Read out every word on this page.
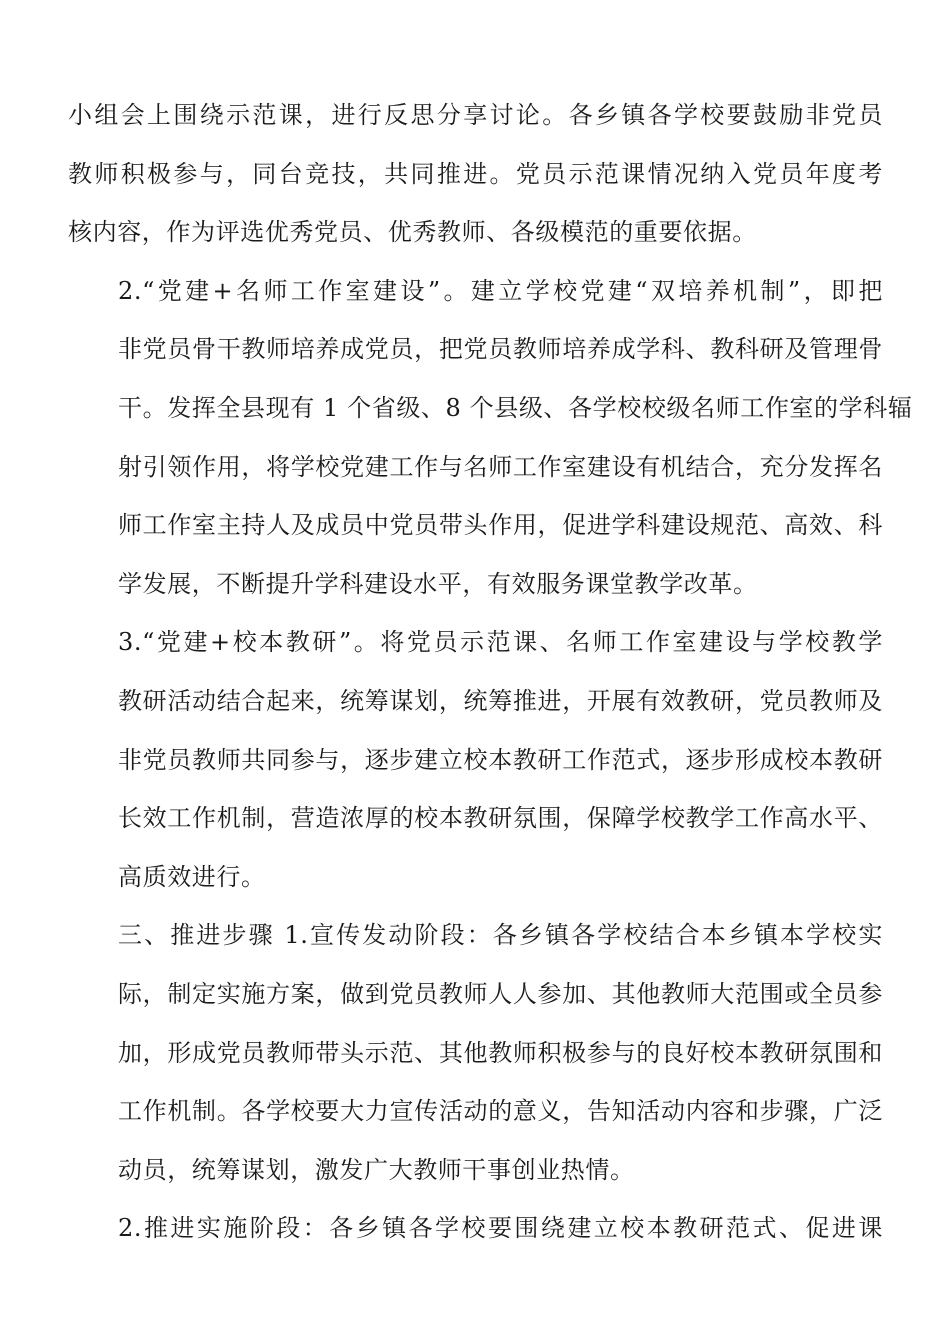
小组会上围绕示范课，进行反思分享讨论。各乡镇各学校要鼓励非党员
教师积极参与，同台竞技，共同推进。党员示范课情况纳入党员年度考
核内容，作为评选优秀党员、优秀教师、各级模范的重要依据。

2.“党建+名师工作室建设”。建立学校党建“双培养机制”，即把
非党员骨干教师培养成党员，把党员教师培养成学科、教科研及管理骨
干。发挥全县现有 1 个省级、8 个县级、各学校校级名师工作室的学科辐
射引领作用，将学校党建工作与名师工作室建设有机结合，充分发挥名
师工作室主持人及成员中党员带头作用，促进学科建设规范、高效、科
学发展，不断提升学科建设水平，有效服务课堂教学改革。

3.“党建+校本教研”。将党员示范课、名师工作室建设与学校教学
教研活动结合起来，统筹谋划，统筹推进，开展有效教研，党员教师及
非党员教师共同参与，逐步建立校本教研工作范式，逐步形成校本教研
长效工作机制，营造浓厚的校本教研氛围，保障学校教学工作高水平、
高质效进行。

三、推进步骤 1.宣传发动阶段：各乡镇各学校结合本乡镇本学校实
际，制定实施方案，做到党员教师人人参加、其他教师大范围或全员参
加，形成党员教师带头示范、其他教师积极参与的良好校本教研氛围和
工作机制。各学校要大力宣传活动的意义，告知活动内容和步骤，广泛
动员，统筹谋划，激发广大教师干事创业热情。

2.推进实施阶段：各乡镇各学校要围绕建立校本教研范式、促进课
